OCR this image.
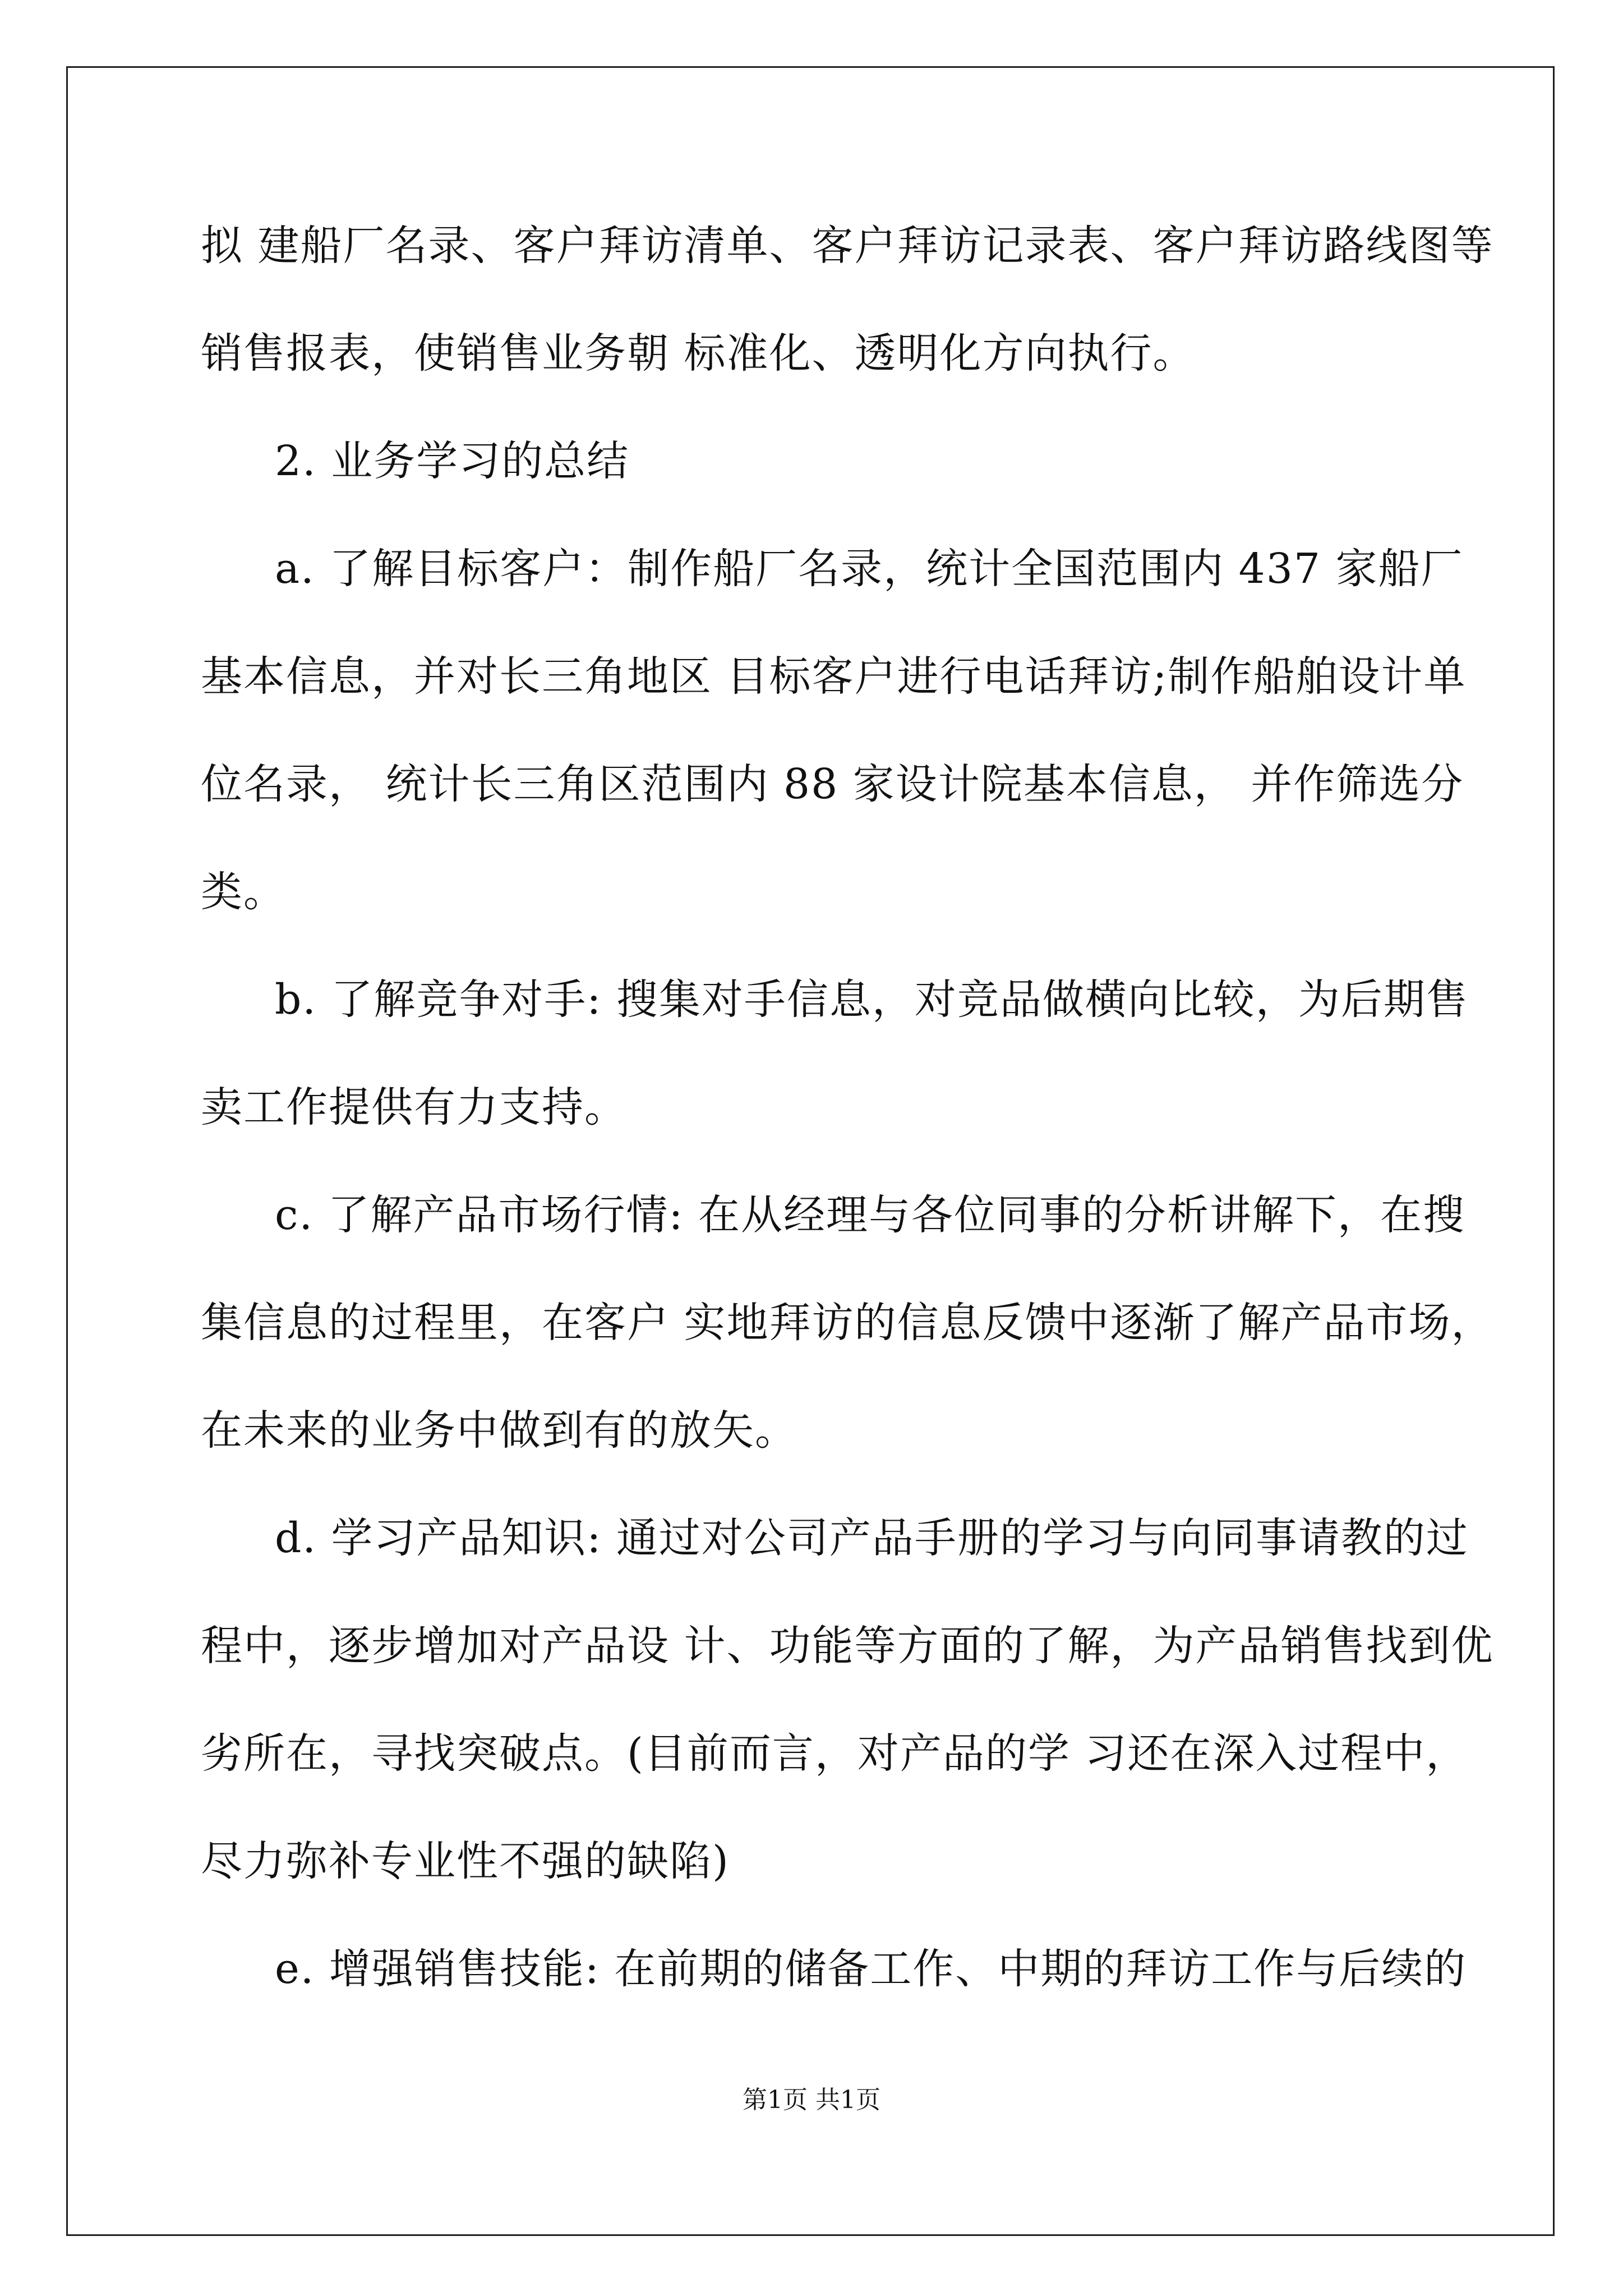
拟 建船厂名录、客户拜访清单、客户拜访记录表、客户拜访路线图等
销售报表，使销售业务朝 标准化、透明化方向执行。
2. 业务学习的总结
a. 了解目标客户：制作船厂名录，统计全国范围内 437 家船厂
基本信息，并对长三角地区 目标客户进行电话拜访;制作船舶设计单
位名录， 统计长三角区范围内 88 家设计院基本信息， 并作筛选分
类。
b. 了解竞争对手: 搜集对手信息，对竞品做横向比较，为后期售
卖工作提供有力支持。
c. 了解产品市场行情: 在从经理与各位同事的分析讲解下，在搜
集信息的过程里，在客户 实地拜访的信息反馈中逐渐了解产品市场，
在未来的业务中做到有的放矢。
d. 学习产品知识: 通过对公司产品手册的学习与向同事请教的过
程中，逐步增加对产品设 计、功能等方面的了解，为产品销售找到优
劣所在，寻找突破点。(目前而言，对产品的学 习还在深入过程中，
尽力弥补专业性不强的缺陷)
e. 增强销售技能: 在前期的储备工作、中期的拜访工作与后续的
第1页 共1页
